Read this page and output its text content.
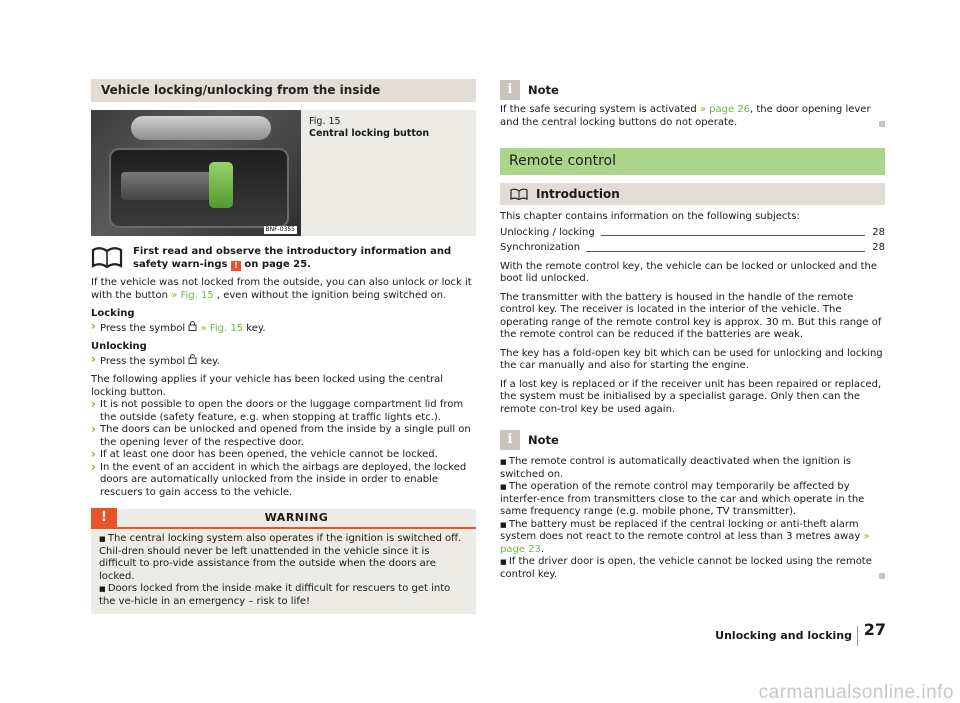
Vehicle locking/unlocking from the inside
BNF-0355
Fig. 15
Central locking button
First read and observe the introductory information and safety warn-ings ! on page 25.

If the vehicle was not locked from the outside, you can also unlock or lock it with the button » Fig. 15 , even without the ignition being switched on.

Locking

› Press the symbol  » Fig. 15 key.

Unlocking

› Press the symbol  key.

The following applies if your vehicle has been locked using the central locking button.

› It is not possible to open the doors or the luggage compartment lid from the outside (safety feature, e.g. when stopping at traffic lights etc.).
› The doors can be unlocked and opened from the inside by a single pull on the opening lever of the respective door.
› If at least one door has been opened, the vehicle cannot be locked.
› In the event of an accident in which the airbags are deployed, the locked doors are automatically unlocked from the inside in order to enable rescuers to gain access to the vehicle.
!	WARNING
■ The central locking system also operates if the ignition is switched off. Chil-dren should never be left unattended in the vehicle since it is difficult to pro-vide assistance from the outside when the doors are locked.
■ Doors locked from the inside make it difficult for rescuers to get into the ve-hicle in an emergency – risk to life!
i	Note

If the safe securing system is activated » page 26, the door opening lever and the central locking buttons do not operate.

Remote control
Introduction

This chapter contains information on the following subjects:

Unlocking / locking	28
Synchronization	28

With the remote control key, the vehicle can be locked or unlocked and the boot lid unlocked.

The transmitter with the battery is housed in the handle of the remote control key. The receiver is located in the interior of the vehicle. The operating range of the remote control key is approx. 30 m. But this range of the remote control can be reduced if the batteries are weak.

The key has a fold-open key bit which can be used for unlocking and locking the car manually and also for starting the engine.

If a lost key is replaced or if the receiver unit has been repaired or replaced, the system must be initialised by a specialist garage. Only then can the remote con-trol key be used again.

i	Note
■ The remote control is automatically deactivated when the ignition is switched on.
■ The operation of the remote control may temporarily be affected by interfer-ence from transmitters close to the car and which operate in the same frequency range (e.g. mobile phone, TV transmitter).
■ The battery must be replaced if the central locking or anti-theft alarm system does not react to the remote control at less than 3 metres away » page 23.
■ If the driver door is open, the vehicle cannot be locked using the remote control key.
Unlocking and locking 27
carmanualsonline.info
